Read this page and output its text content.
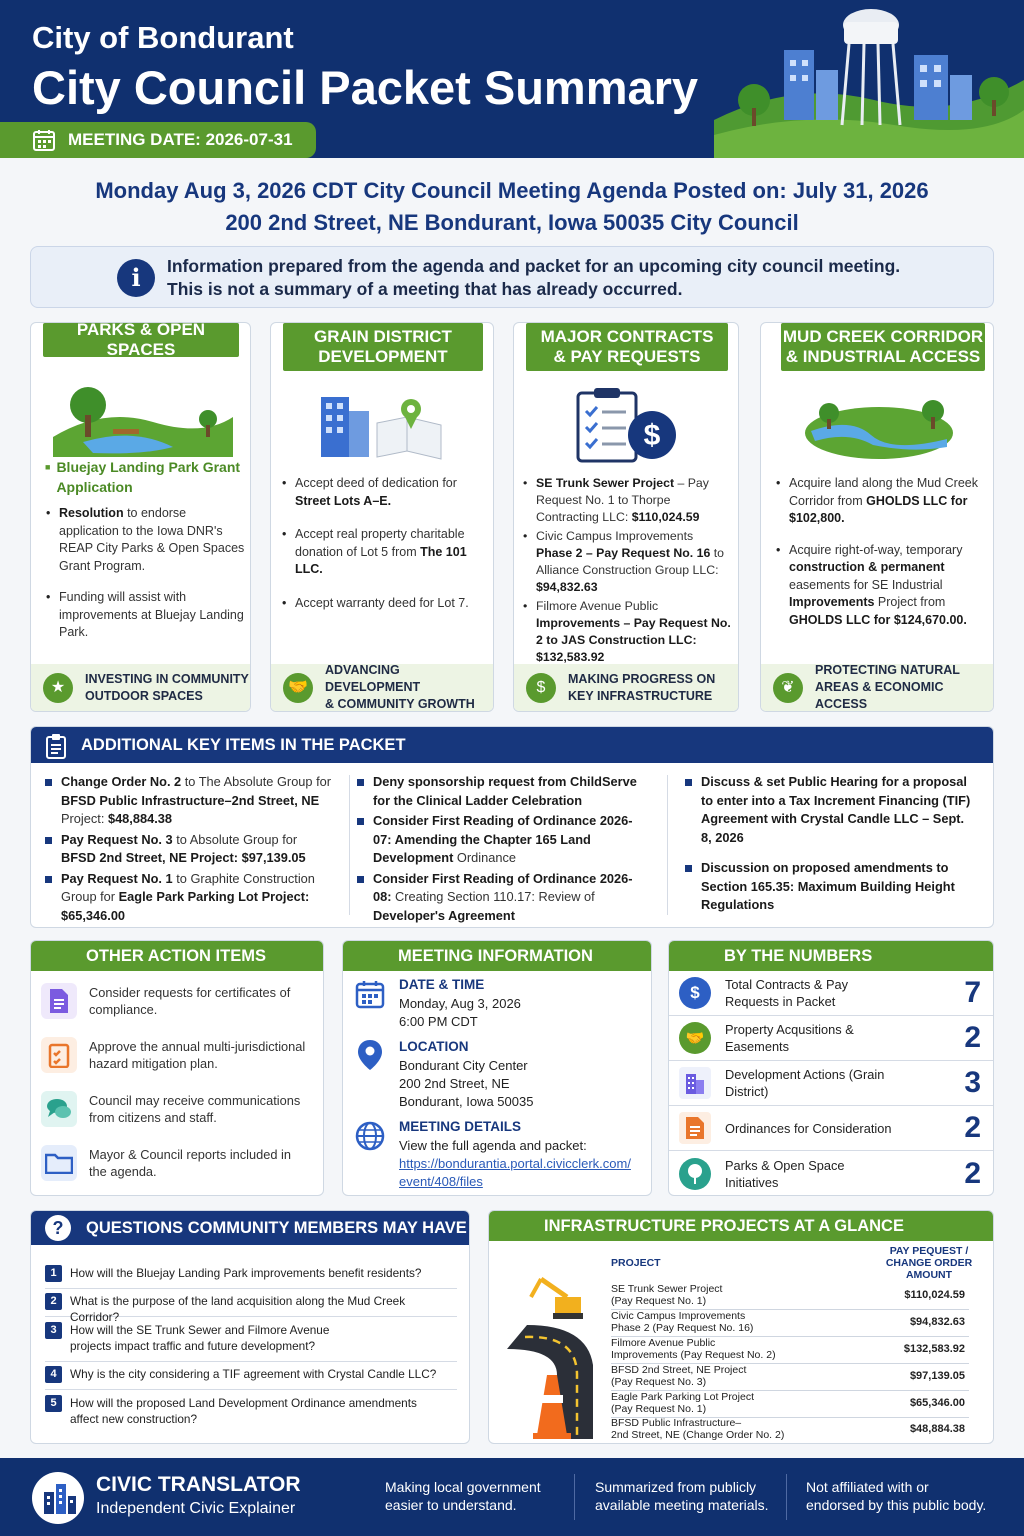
City of Bondurant
City Council Packet Summary
MEETING DATE: 2026-07-31
Monday Aug 3, 2026 CDT City Council Meeting Agenda Posted on: July 31, 2026
200 2nd Street, NE Bondurant, Iowa 50035 City Council
i	Information prepared from the agenda and packet for an upcoming city council meeting.
This is not a summary of a meeting that has already occurred.
PARKS & OPEN SPACES
■ Bluejay Landing Park Grant Application
• Resolution to endorse application to the Iowa DNR's REAP City Parks & Open Spaces Grant Program.
• Funding will assist with improvements at Bluejay Landing Park.
★	INVESTING IN COMMUNITY
OUTDOOR SPACES
GRAIN DISTRICT
DEVELOPMENT
• Accept deed of dedication for Street Lots A–E.
• Accept real property charitable donation of Lot 5 from The 101 LLC.
• Accept warranty deed for Lot 7.
🤝
ADVANCING DEVELOPMENT
& COMMUNITY GROWTH
MAJOR CONTRACTS
& PAY REQUESTS
$
• SE Trunk Sewer Project – Pay Request No. 1 to Thorpe Contracting LLC: $110,024.59
• Civic Campus Improvements Phase 2 – Pay Request No. 16 to Alliance Construction Group LLC: $94,832.63
• Filmore Avenue Public Improvements – Pay Request No. 2 to JAS Construction LLC: $132,583.92
$	MAKING PROGRESS ON
KEY INFRASTRUCTURE
MUD CREEK CORRIDOR
& INDUSTRIAL ACCESS
• Acquire land along the Mud Creek Corridor from GHOLDS LLC for $102,800.
• Acquire right-of-way, temporary construction & permanent easements for SE Industrial Improvements Project from GHOLDS LLC for $124,670.00.
❦
PROTECTING NATURAL
AREAS & ECONOMIC ACCESS
ADDITIONAL KEY ITEMS IN THE PACKET
Change Order No. 2 to The Absolute Group for BFSD Public Infrastructure–2nd Street, NE Project: $48,884.38
Pay Request No. 3 to Absolute Group for BFSD 2nd Street, NE Project: $97,139.05
Pay Request No. 1 to Graphite Construction Group for Eagle Park Parking Lot Project: $65,346.00
Deny sponsorship request from ChildServe for the Clinical Ladder Celebration
Consider First Reading of Ordinance 2026-07: Amending the Chapter 165 Land Development Ordinance
Consider First Reading of Ordinance 2026-08: Creating Section 110.17: Review of Developer's Agreement
Discuss & set Public Hearing for a proposal to enter into a Tax Increment Financing (TIF) Agreement with Crystal Candle LLC – Sept. 8, 2026
Discussion on proposed amendments to Section 165.35: Maximum Building Height Regulations
OTHER ACTION ITEMS
Consider requests for certificates of compliance.
Approve the annual multi-jurisdictional hazard mitigation plan.
Council may receive communications from citizens and staff.
Mayor & Council reports included in the agenda.
MEETING INFORMATION
DATE & TIME
Monday, Aug 3, 2026
6:00 PM CDT
LOCATION
Bondurant City Center
200 2nd Street, NE
Bondurant, Iowa 50035
MEETING DETAILS
View the full agenda and packet:
https://bondurantia.portal.civicclerk.com/
event/408/files
BY THE NUMBERS
$	Total Contracts & Pay Requests in Packet	7
🤝
Property Acqusitions & Easements	2
Development Actions (Grain District)	3
Ordinances for Consideration 2
Parks & Open Space Initiatives	2
?	QUESTIONS COMMUNITY MEMBERS MAY HAVE
1	How will the Bluejay Landing Park improvements benefit residents?
2	What is the purpose of the land acquisition along the Mud Creek Corridor?
3	How will the SE Trunk Sewer and Filmore Avenue projects impact traffic and future development?
4	Why is the city considering a TIF agreement with Crystal Candle LLC?
5	How will the proposed Land Development Ordinance amendments affect new construction?
INFRASTRUCTURE PROJECTS AT A GLANCE
PROJECT
PAY PEQUEST / CHANGE ORDER AMOUNT
SE Trunk Sewer Project
(Pay Request No. 1)	$110,024.59
Civic Campus Improvements
Phase 2 (Pay Request No. 16)	$94,832.63
Filmore Avenue Public
Improvements (Pay Request No. 2)	$132,583.92
BFSD 2nd Street, NE Project
(Pay Request No. 3)	$97,139.05
Eagle Park Parking Lot Project
(Pay Request No. 1)	$65,346.00
BFSD Public Infrastructure–
2nd Street, NE (Change Order No. 2)	$48,884.38
CIVIC TRANSLATOR
Independent Civic Explainer
Making local government
easier to understand.
Summarized from publicly
available meeting materials.
Not affiliated with or
endorsed by this public body.
